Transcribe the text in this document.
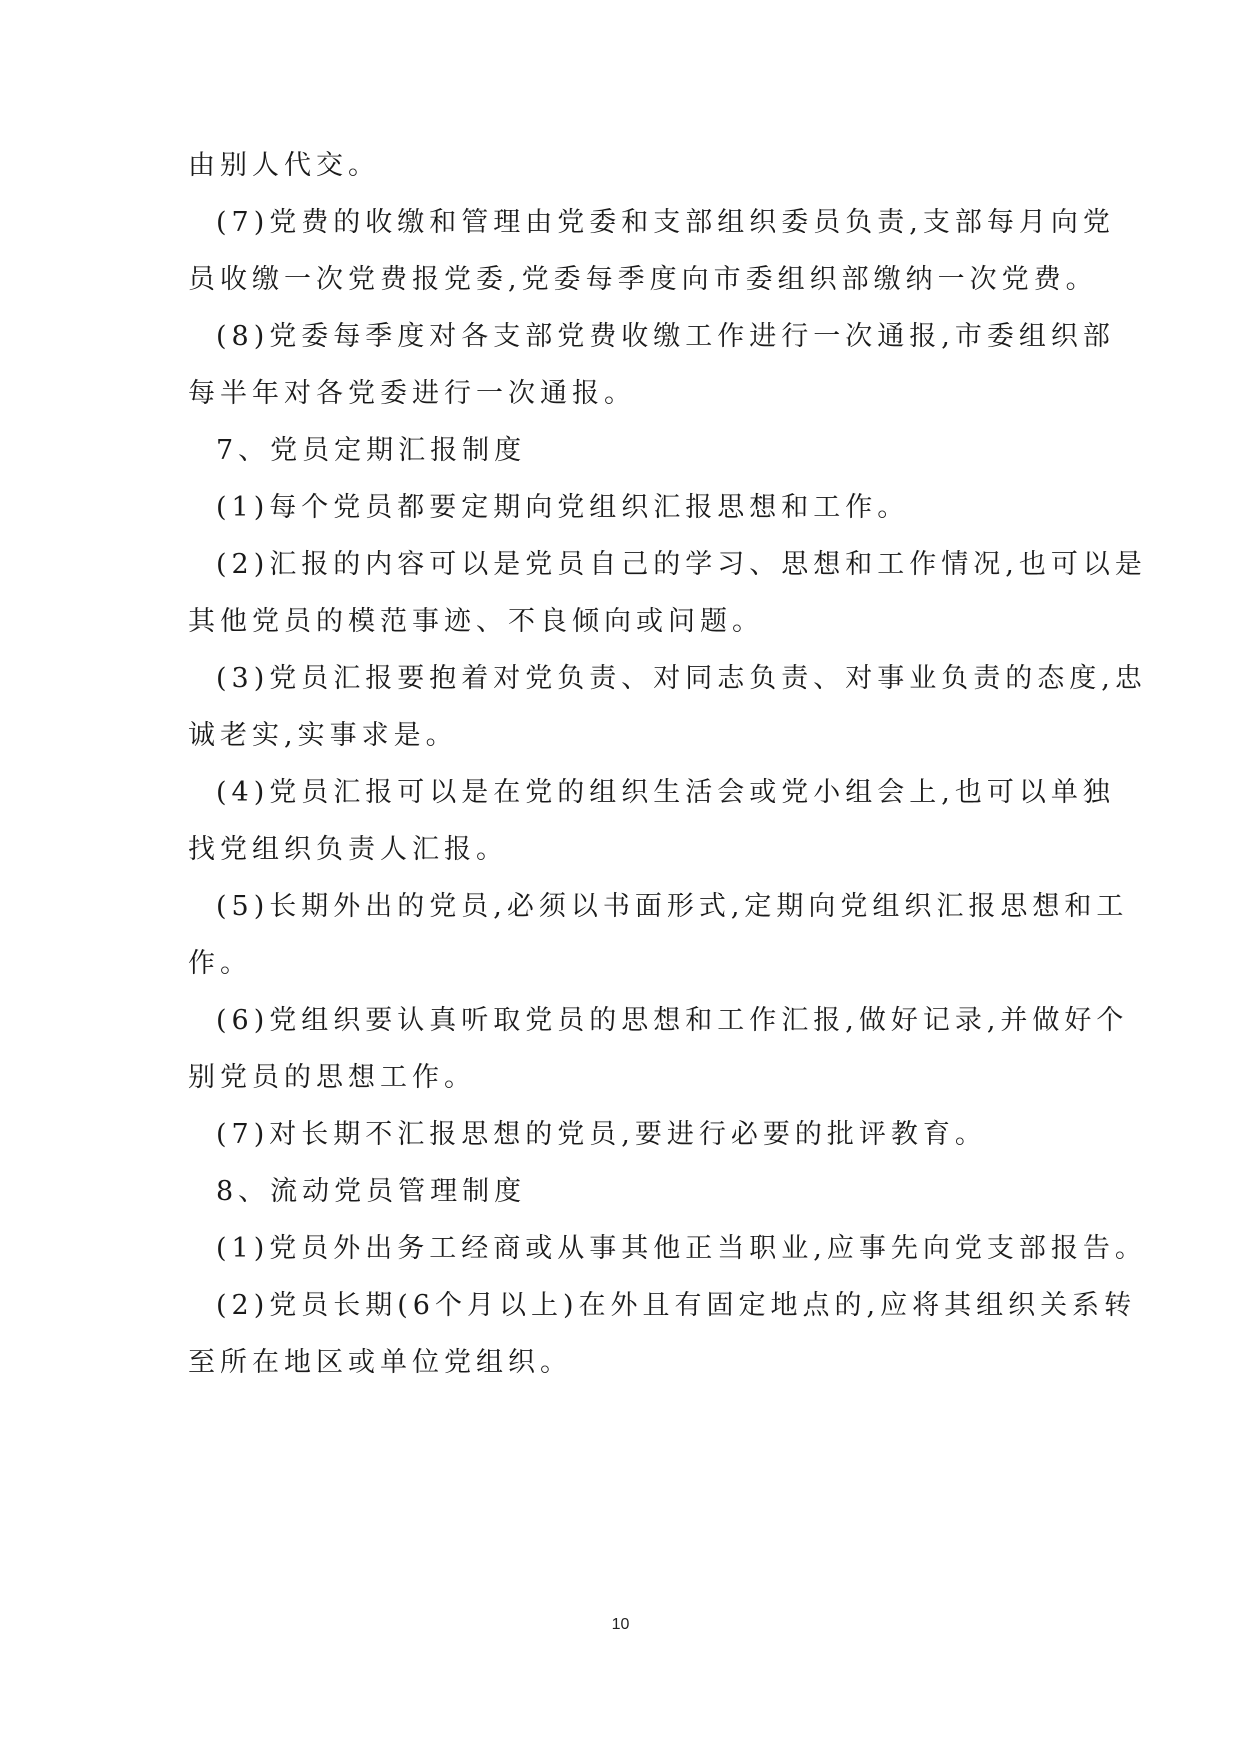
由别人代交。
(7)党费的收缴和管理由党委和支部组织委员负责,支部每月向党
员收缴一次党费报党委,党委每季度向市委组织部缴纳一次党费。
(8)党委每季度对各支部党费收缴工作进行一次通报,市委组织部
每半年对各党委进行一次通报。
7、党员定期汇报制度
(1)每个党员都要定期向党组织汇报思想和工作。
(2)汇报的内容可以是党员自己的学习、思想和工作情况,也可以是
其他党员的模范事迹、不良倾向或问题。
(3)党员汇报要抱着对党负责、对同志负责、对事业负责的态度,忠
诚老实,实事求是。
(4)党员汇报可以是在党的组织生活会或党小组会上,也可以单独
找党组织负责人汇报。
(5)长期外出的党员,必须以书面形式,定期向党组织汇报思想和工
作。
(6)党组织要认真听取党员的思想和工作汇报,做好记录,并做好个
别党员的思想工作。
(7)对长期不汇报思想的党员,要进行必要的批评教育。
8、流动党员管理制度
(1)党员外出务工经商或从事其他正当职业,应事先向党支部报告。
(2)党员长期(6个月以上)在外且有固定地点的,应将其组织关系转
至所在地区或单位党组织。
10
